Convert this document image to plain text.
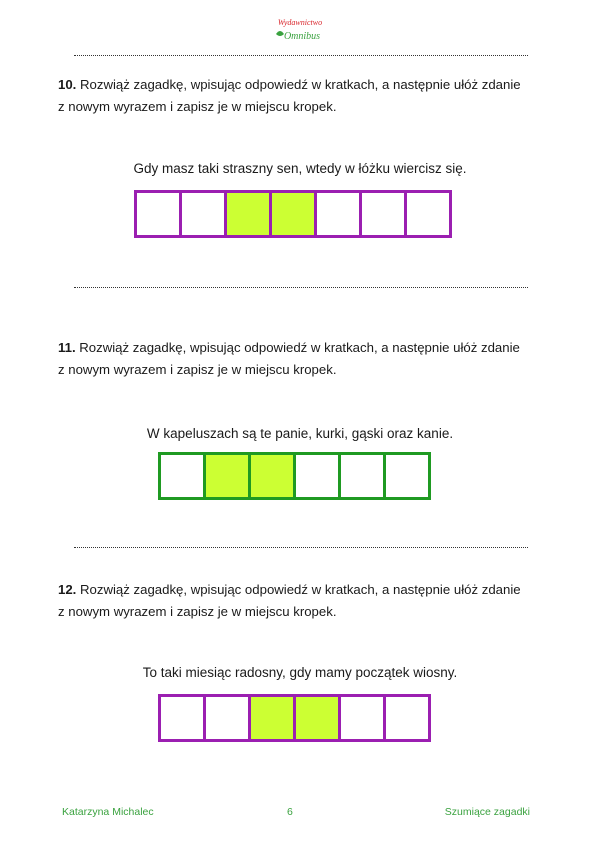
Wydawnictwo
Omnibus
10. Rozwiąż zagadkę, wpisując odpowiedź w kratkach, a następnie ułóż zdanie
z nowym wyrazem i zapisz je w miejscu kropek.
Gdy masz taki straszny sen, wtedy w łóżku wiercisz się.
11. Rozwiąż zagadkę, wpisując odpowiedź w kratkach, a następnie ułóż zdanie
z nowym wyrazem i zapisz je w miejscu kropek.
W kapeluszach są te panie, kurki, gąski oraz kanie.
12. Rozwiąż zagadkę, wpisując odpowiedź w kratkach, a następnie ułóż zdanie
z nowym wyrazem i zapisz je w miejscu kropek.
To taki miesiąc radosny, gdy mamy początek wiosny.
Katarzyna Michalec	6	Szumiące zagadki
